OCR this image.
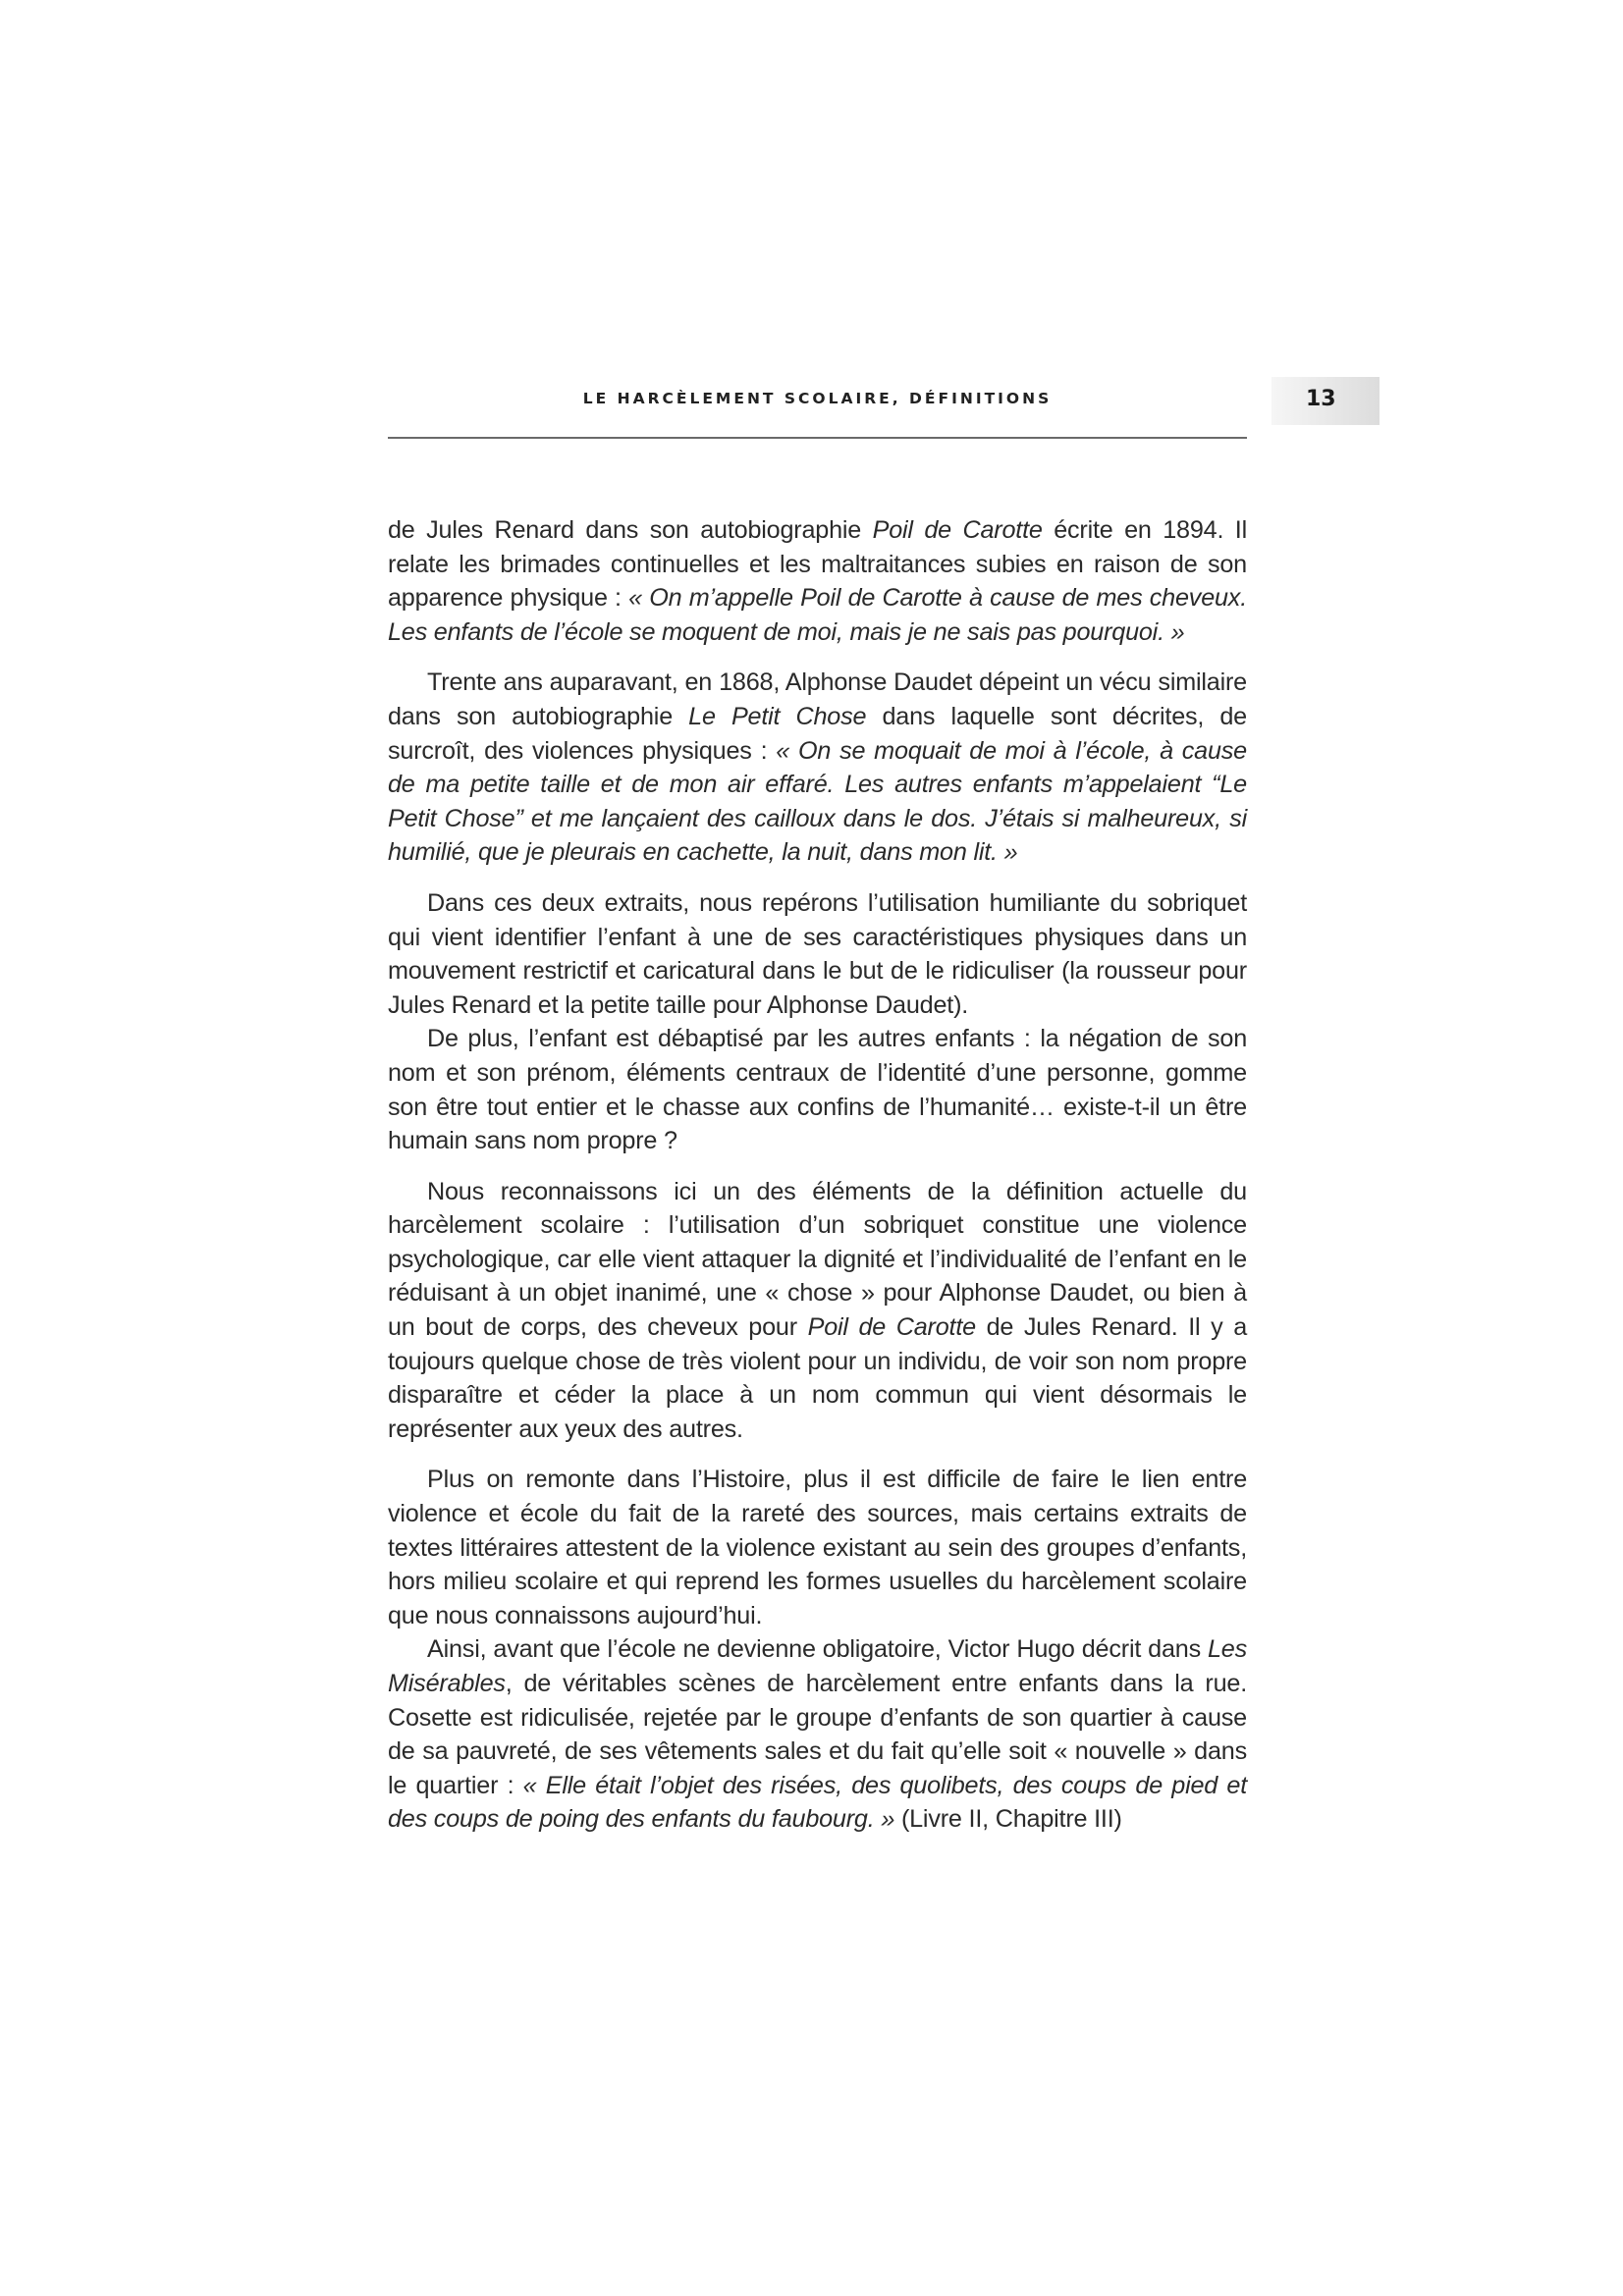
LE HARCÈLEMENT SCOLAIRE, DÉFINITIONS	13

de Jules Renard dans son autobiographie Poil de Carotte écrite en 1894. Il relate les brimades continuelles et les maltraitances subies en raison de son apparence physique : « On m’appelle Poil de Carotte à cause de mes cheveux. Les enfants de l’école se moquent de moi, mais je ne sais pas pourquoi. »

Trente ans auparavant, en 1868, Alphonse Daudet dépeint un vécu similaire dans son autobiographie Le Petit Chose dans laquelle sont décrites, de surcroît, des violences physiques : « On se moquait de moi à l’école, à cause de ma petite taille et de mon air effaré. Les autres enfants m’appelaient “Le Petit Chose” et me lançaient des cailloux dans le dos. J’étais si malheureux, si humilié, que je pleurais en cachette, la nuit, dans mon lit. »

Dans ces deux extraits, nous repérons l’utilisation humiliante du sobriquet qui vient identifier l’enfant à une de ses caractéristiques physiques dans un mouvement restrictif et caricatural dans le but de le ridiculiser (la rousseur pour Jules Renard et la petite taille pour Alphonse Daudet).

De plus, l’enfant est débaptisé par les autres enfants : la négation de son nom et son prénom, éléments centraux de l’identité d’une personne, gomme son être tout entier et le chasse aux confins de l’humanité… existe-t-il un être humain sans nom propre ?

Nous reconnaissons ici un des éléments de la définition actuelle du harcèlement scolaire : l’utilisation d’un sobriquet constitue une violence psychologique, car elle vient attaquer la dignité et l’individualité de l’enfant en le réduisant à un objet inanimé, une « chose » pour Alphonse Daudet, ou bien à un bout de corps, des cheveux pour Poil de Carotte de Jules Renard. Il y a toujours quelque chose de très violent pour un individu, de voir son nom propre disparaître et céder la place à un nom commun qui vient désormais le représenter aux yeux des autres.

Plus on remonte dans l’Histoire, plus il est difficile de faire le lien entre violence et école du fait de la rareté des sources, mais certains extraits de textes littéraires attestent de la violence existant au sein des groupes d’enfants, hors milieu scolaire et qui reprend les formes usuelles du harcèlement scolaire que nous connaissons aujourd’hui.

Ainsi, avant que l’école ne devienne obligatoire, Victor Hugo décrit dans Les Misérables, de véritables scènes de harcèlement entre enfants dans la rue. Cosette est ridiculisée, rejetée par le groupe d’enfants de son quartier à cause de sa pauvreté, de ses vêtements sales et du fait qu’elle soit « nouvelle » dans le quartier : « Elle était l’objet des risées, des quolibets, des coups de pied et des coups de poing des enfants du faubourg. » (Livre II, Chapitre III)
